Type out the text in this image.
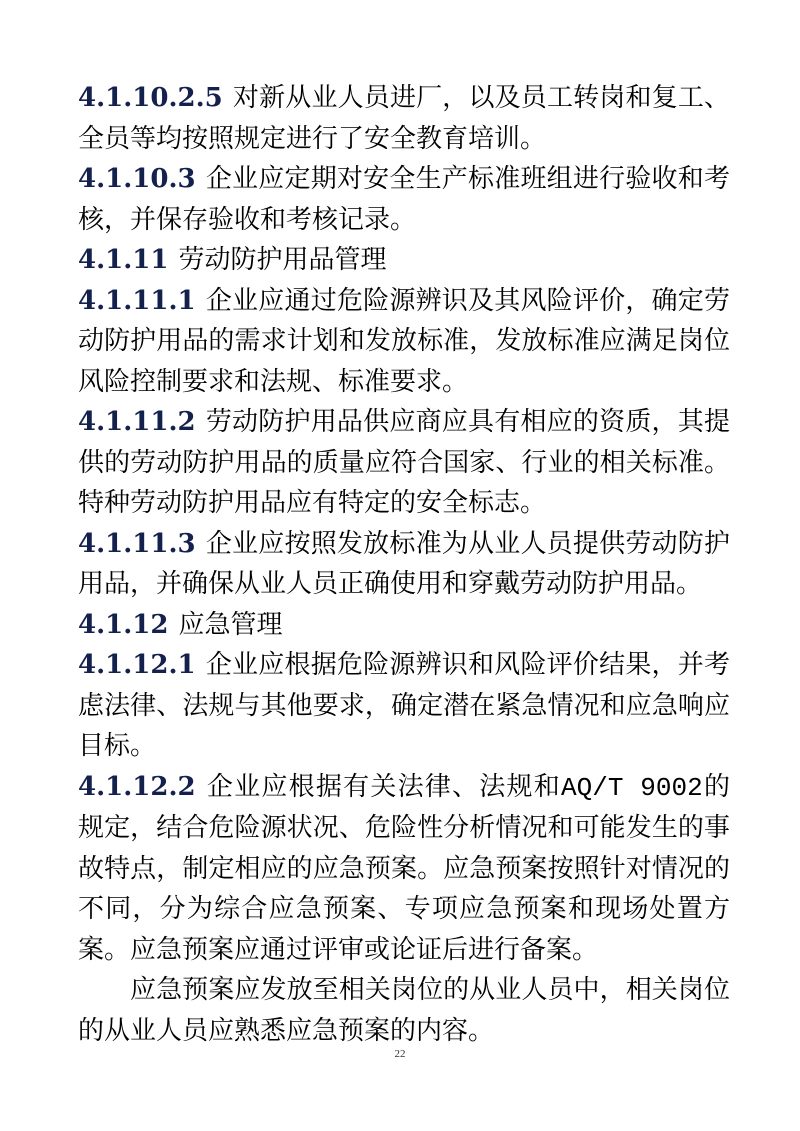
4.1.10.2.5 对新从业人员进厂，以及员工转岗和复工、全员等均按照规定进行了安全教育培训。

4.1.10.3 企业应定期对安全生产标准班组进行验收和考核，并保存验收和考核记录。

4.1.11 劳动防护用品管理

4.1.11.1 企业应通过危险源辨识及其风险评价，确定劳动防护用品的需求计划和发放标准，发放标准应满足岗位风险控制要求和法规、标准要求。

4.1.11.2 劳动防护用品供应商应具有相应的资质，其提供的劳动防护用品的质量应符合国家、行业的相关标准。特种劳动防护用品应有特定的安全标志。

4.1.11.3 企业应按照发放标准为从业人员提供劳动防护用品，并确保从业人员正确使用和穿戴劳动防护用品。

4.1.12 应急管理

4.1.12.1 企业应根据危险源辨识和风险评价结果，并考虑法律、法规与其他要求，确定潜在紧急情况和应急响应目标。

4.1.12.2 企业应根据有关法律、法规和AQ/T 9002的规定，结合危险源状况、危险性分析情况和可能发生的事故特点，制定相应的应急预案。应急预案按照针对情况的不同，分为综合应急预案、专项应急预案和现场处置方案。应急预案应通过评审或论证后进行备案。

应急预案应发放至相关岗位的从业人员中，相关岗位的从业人员应熟悉应急预案的内容。

22
